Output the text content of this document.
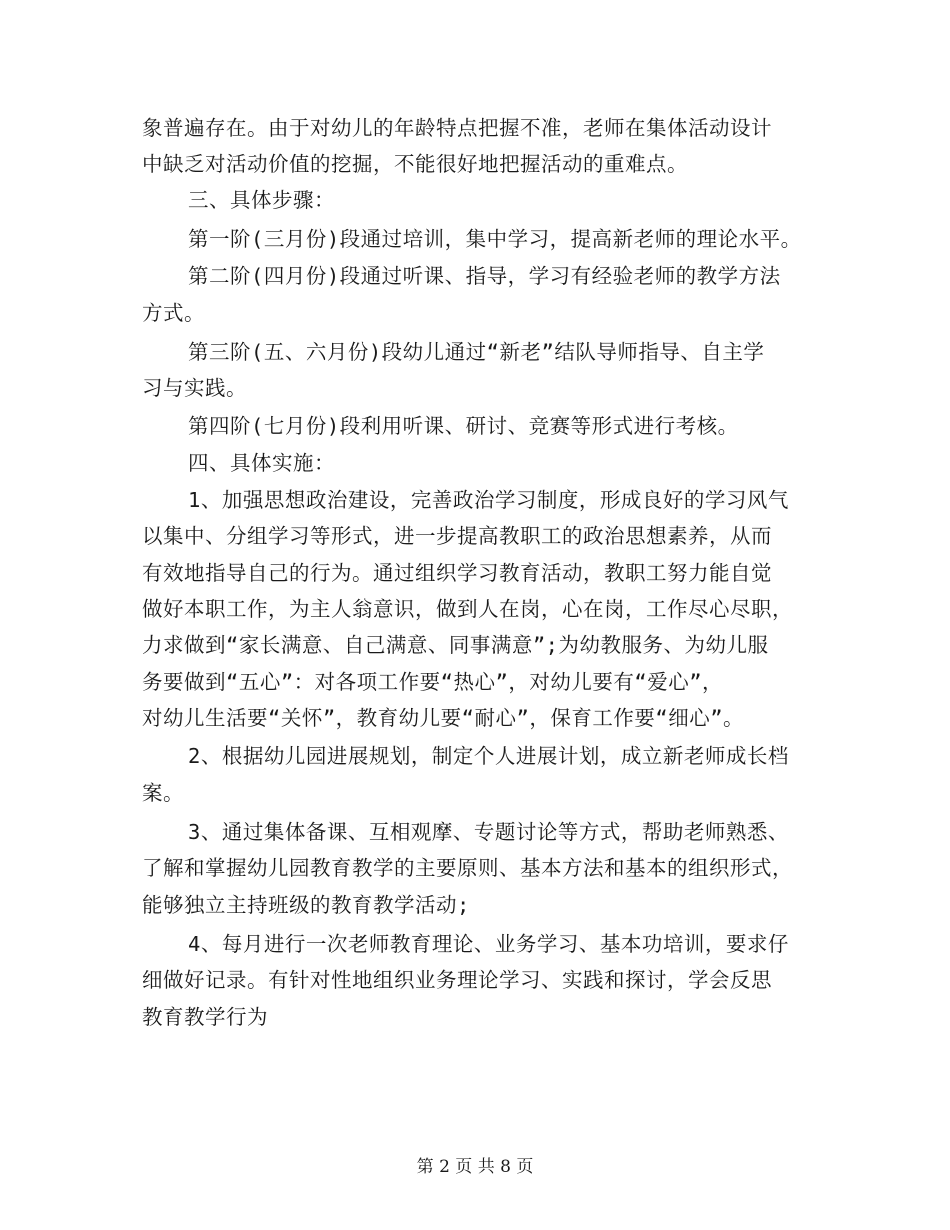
象普遍存在。由于对幼儿的年龄特点把握不准，老师在集体活动设计
中缺乏对活动价值的挖掘，不能很好地把握活动的重难点。
三、具体步骤：
第一阶(三月份)段通过培训，集中学习，提高新老师的理论水平。
第二阶(四月份)段通过听课、指导，学习有经验老师的教学方法
方式。
第三阶(五、六月份)段幼儿通过“新老”结队导师指导、自主学
习与实践。
第四阶(七月份)段利用听课、研讨、竞赛等形式进行考核。
四、具体实施：
1、加强思想政治建设，完善政治学习制度，形成良好的学习风气
以集中、分组学习等形式，进一步提高教职工的政治思想素养，从而
有效地指导自己的行为。通过组织学习教育活动，教职工努力能自觉
做好本职工作，为主人翁意识，做到人在岗，心在岗，工作尽心尽职，
力求做到“家长满意、自己满意、同事满意”;为幼教服务、为幼儿服
务要做到“五心”：对各项工作要“热心”，对幼儿要有“爱心”，
对幼儿生活要“关怀”，教育幼儿要“耐心”，保育工作要“细心”。
2、根据幼儿园进展规划，制定个人进展计划，成立新老师成长档
案。
3、通过集体备课、互相观摩、专题讨论等方式，帮助老师熟悉、
了解和掌握幼儿园教育教学的主要原则、基本方法和基本的组织形式，
能够独立主持班级的教育教学活动;
4、每月进行一次老师教育理论、业务学习、基本功培训，要求仔
细做好记录。有针对性地组织业务理论学习、实践和探讨，学会反思
教育教学行为
第 2 页 共 8 页
